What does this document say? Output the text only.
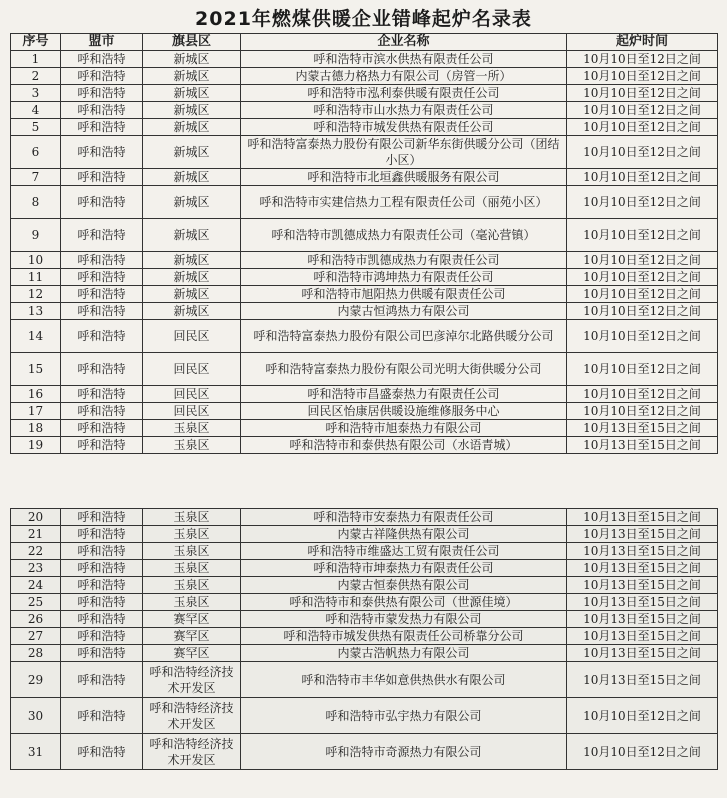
2021年燃煤供暖企业错峰起炉名录表
序号	盟市	旗县区	企业名称	起炉时间
1	呼和浩特	新城区	呼和浩特市滨水供热有限责任公司	10月10日至12日之间
2	呼和浩特	新城区	内蒙古德力格热力有限公司（房管一所）	10月10日至12日之间
3	呼和浩特	新城区	呼和浩特市泓利泰供暖有限责任公司	10月10日至12日之间
4	呼和浩特	新城区	呼和浩特市山水热力有限责任公司	10月10日至12日之间
5	呼和浩特	新城区	呼和浩特市城发供热有限责任公司	10月10日至12日之间
6	呼和浩特	新城区	呼和浩特富泰热力股份有限公司新华东街供暖分公司（团结小区）	10月10日至12日之间
7	呼和浩特	新城区	呼和浩特市北垣鑫供暖服务有限公司	10月10日至12日之间
8	呼和浩特	新城区	呼和浩特市实建信热力工程有限责任公司（丽苑小区）	10月10日至12日之间
9	呼和浩特	新城区	呼和浩特市凯德成热力有限责任公司（毫沁营镇）	10月10日至12日之间
10	呼和浩特	新城区	呼和浩特市凯德成热力有限责任公司	10月10日至12日之间
11	呼和浩特	新城区	呼和浩特市鸿坤热力有限责任公司	10月10日至12日之间
12	呼和浩特	新城区	呼和浩特市旭阳热力供暖有限责任公司	10月10日至12日之间
13	呼和浩特	新城区	内蒙古恒鸿热力有限公司	10月10日至12日之间
14	呼和浩特	回民区	呼和浩特富泰热力股份有限公司巴彦淖尔北路供暖分公司	10月10日至12日之间
15	呼和浩特	回民区	呼和浩特富泰热力股份有限公司光明大街供暖分公司	10月10日至12日之间
16	呼和浩特	回民区	呼和浩特市昌盛泰热力有限责任公司	10月10日至12日之间
17	呼和浩特	回民区	回民区怡康居供暖设施维修服务中心	10月10日至12日之间
18	呼和浩特	玉泉区	呼和浩特市旭泰热力有限公司	10月13日至15日之间
19	呼和浩特	玉泉区	呼和浩特市和泰供热有限公司（水语青城）	10月13日至15日之间
20	呼和浩特	玉泉区	呼和浩特市安泰热力有限责任公司	10月13日至15日之间
21	呼和浩特	玉泉区	内蒙古祥隆供热有限公司	10月13日至15日之间
22	呼和浩特	玉泉区	呼和浩特市维盛达工贸有限责任公司	10月13日至15日之间
23	呼和浩特	玉泉区	呼和浩特市坤泰热力有限责任公司	10月13日至15日之间
24	呼和浩特	玉泉区	内蒙古恒泰供热有限公司	10月13日至15日之间
25	呼和浩特	玉泉区	呼和浩特市和泰供热有限公司（世源佳境）	10月13日至15日之间
26	呼和浩特	赛罕区	呼和浩特市蒙发热力有限公司	10月13日至15日之间
27	呼和浩特	赛罕区	呼和浩特市城发供热有限责任公司桥靠分公司	10月13日至15日之间
28	呼和浩特	赛罕区	内蒙古浩帆热力有限公司	10月13日至15日之间
29	呼和浩特	呼和浩特经济技术开发区	呼和浩特市丰华如意供热供水有限公司	10月13日至15日之间
30	呼和浩特	呼和浩特经济技术开发区	呼和浩特市弘宇热力有限公司	10月10日至12日之间
31	呼和浩特	呼和浩特经济技术开发区	呼和浩特市奇源热力有限公司	10月10日至12日之间
